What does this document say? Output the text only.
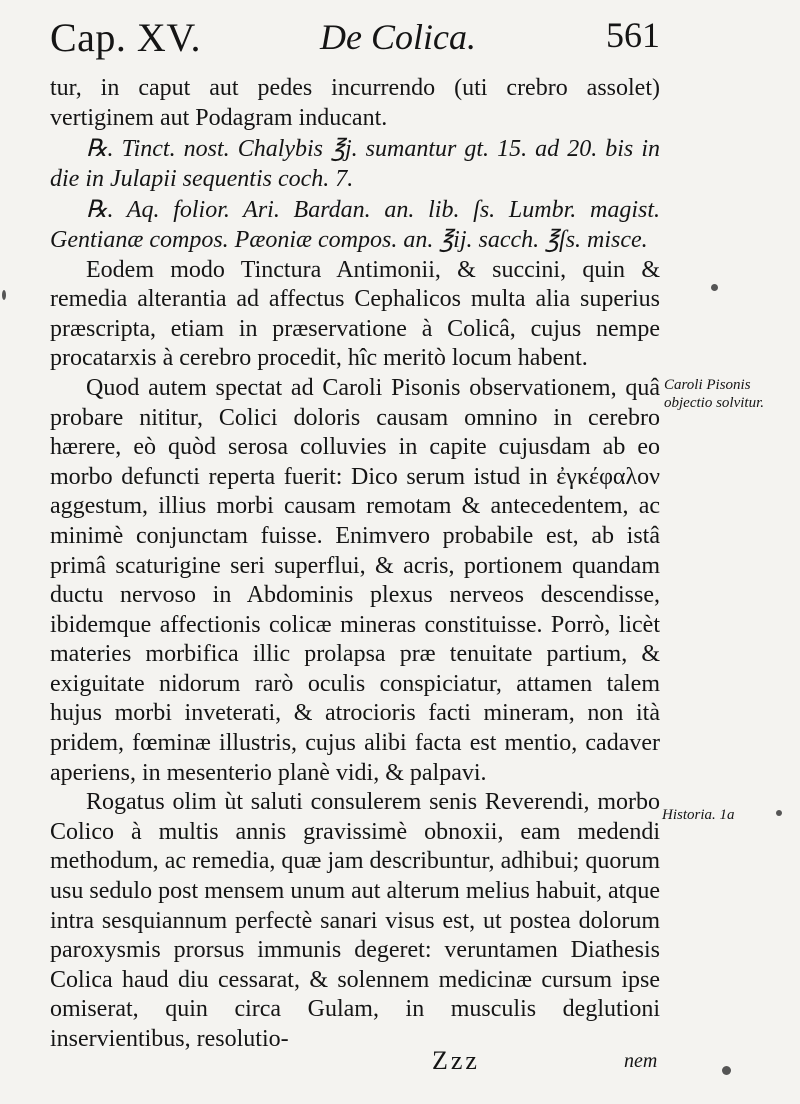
Cap. XV.	De Colica.	561

tur, in caput aut pedes incurrendo (uti crebro assolet) vertiginem aut Podagram inducant.

℞. Tinct. nost. Chalybis ℥j. sumantur gt. 15. ad 20. bis in die in Julapii sequentis coch. 7.

℞. Aq. folior. Ari. Bardan. an. lib. ſs. Lumbr. magist. Gentianæ compos. Pæoniæ compos. an. ℥ij. sacch. ℥ſs. misce.

Eodem modo Tinctura Antimonii, & succini, quin & remedia alterantia ad affectus Cephalicos multa alia superius præscripta, etiam in præservatione à Colicâ, cujus nempe procatarxis à cerebro procedit, hîc meritò locum habent.

Quod autem spectat ad Caroli Pisonis observationem, quâ probare nititur, Colici doloris causam omnino in cerebro hærere, eò quòd serosa colluvies in capite cujusdam ab eo morbo defuncti reperta fuerit: Dico serum istud in ἐγκέφαλον aggestum, illius morbi causam remotam & antecedentem, ac minimè conjunctam fuisse. Enimvero probabile est, ab istâ primâ scaturigine seri superflui, & acris, portionem quandam ductu nervoso in Abdominis plexus nerveos descendisse, ibidemque affectionis colicæ mineras constituisse. Porrò, licèt materies morbifica illic prolapsa præ tenuitate partium, & exiguitate nidorum rarò oculis conspiciatur, attamen talem hujus morbi inveterati, & atrocioris facti mineram, non ità pridem, fœminæ illustris, cujus alibi facta est mentio, cadaver aperiens, in mesenterio planè vidi, & palpavi.

Rogatus olim ùt saluti consulerem senis Reverendi, morbo Colico à multis annis gravissimè obnoxii, eam medendi methodum, ac remedia, quæ jam describuntur, adhibui; quorum usu sedulo post mensem unum aut alterum melius habuit, atque intra sesquiannum perfectè sanari visus est, ut postea dolorum paroxysmis prorsus immunis degeret: veruntamen Diathesis Colica haud diu cessarat, & solennem medicinæ cursum ipse omiserat, quin circa Gulam, in musculis deglutioni inservientibus, resolutio-

Caroli Pisonis objectio solvitur.
Historia. 1a
Zzz	nem
